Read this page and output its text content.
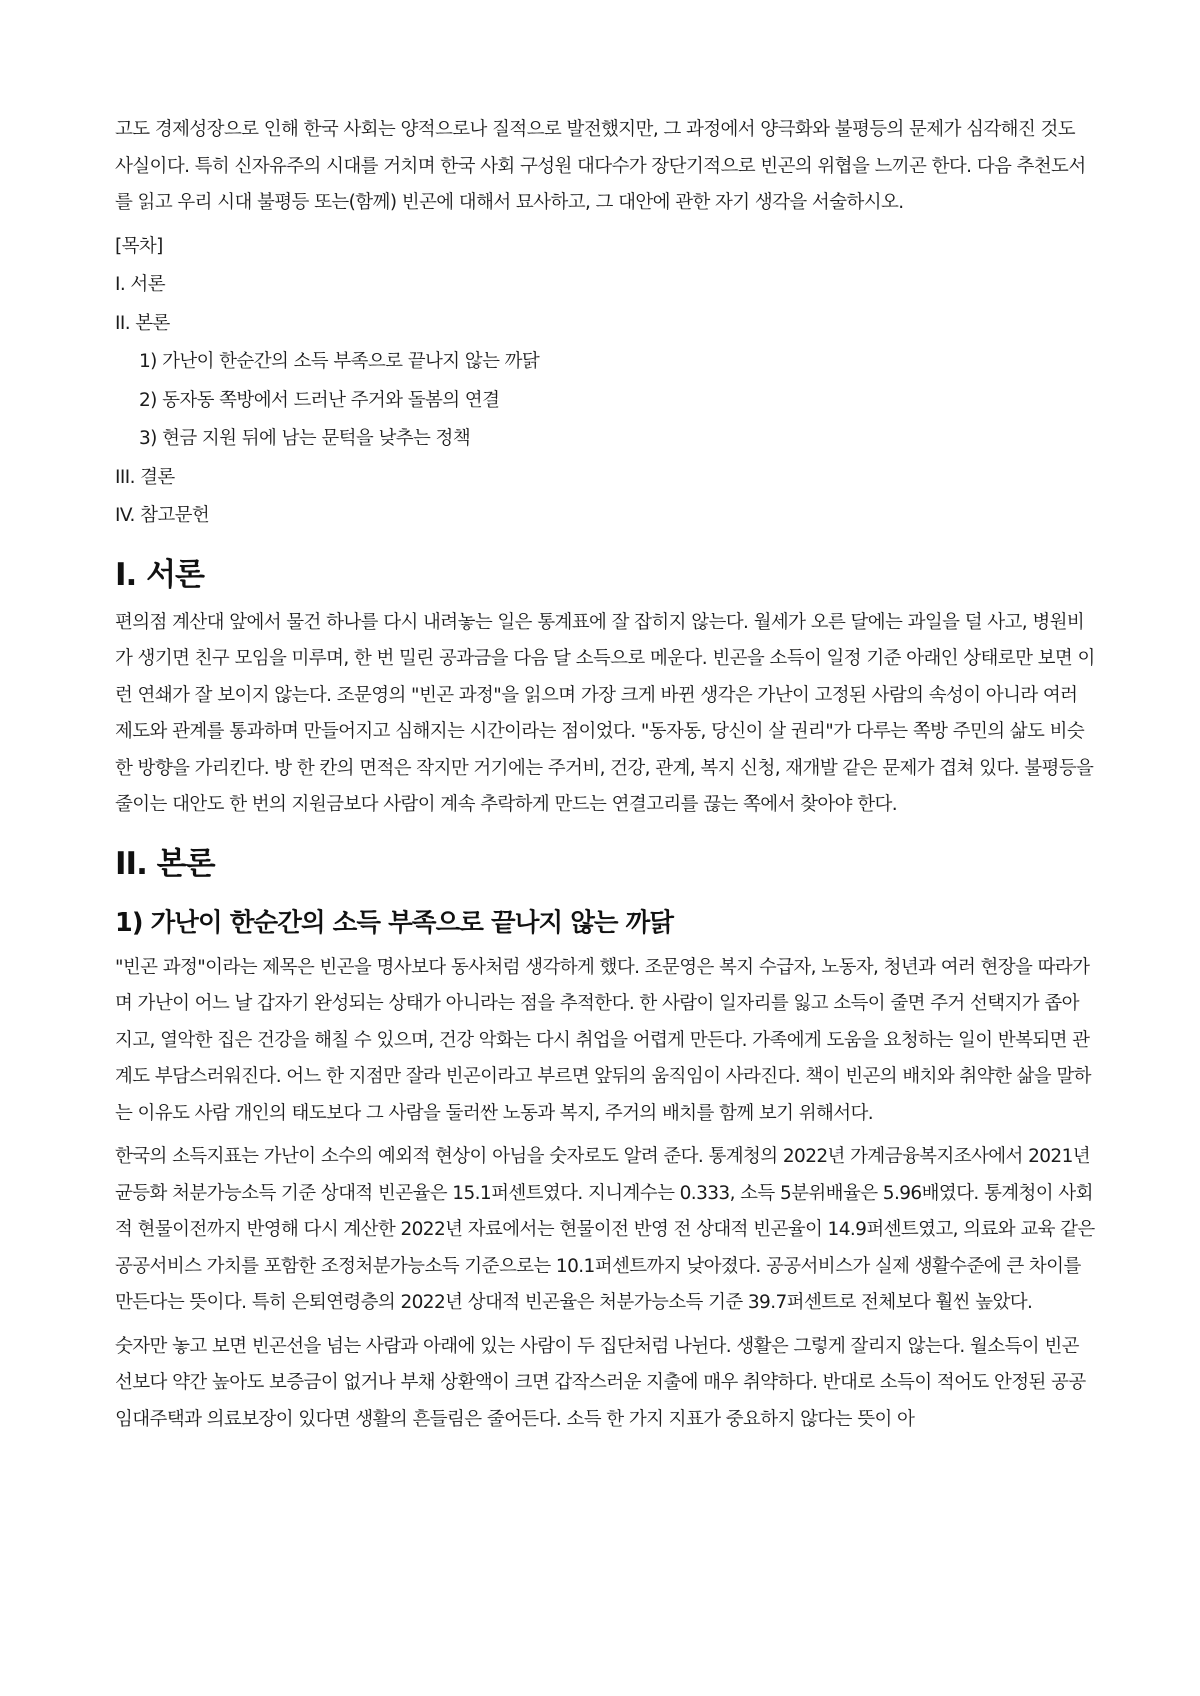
고도 경제성장으로 인해 한국 사회는 양적으로나 질적으로 발전했지만, 그 과정에서 양극화와 불평등의 문제가 심각해진 것도 사실이다. 특히 신자유주의 시대를 거치며 한국 사회 구성원 대다수가 장단기적으로 빈곤의 위협을 느끼곤 한다. 다음 추천도서를 읽고 우리 시대 불평등 또는(함께) 빈곤에 대해서 묘사하고, 그 대안에 관한 자기 생각을 서술하시오.

[목차]

I. 서론

II. 본론

1) 가난이 한순간의 소득 부족으로 끝나지 않는 까닭

2) 동자동 쪽방에서 드러난 주거와 돌봄의 연결

3) 현금 지원 뒤에 남는 문턱을 낮추는 정책

III. 결론

IV. 참고문헌

I. 서론

편의점 계산대 앞에서 물건 하나를 다시 내려놓는 일은 통계표에 잘 잡히지 않는다. 월세가 오른 달에는 과일을 덜 사고, 병원비가 생기면 친구 모임을 미루며, 한 번 밀린 공과금을 다음 달 소득으로 메운다. 빈곤을 소득이 일정 기준 아래인 상태로만 보면 이런 연쇄가 잘 보이지 않는다. 조문영의 "빈곤 과정"을 읽으며 가장 크게 바뀐 생각은 가난이 고정된 사람의 속성이 아니라 여러 제도와 관계를 통과하며 만들어지고 심해지는 시간이라는 점이었다. "동자동, 당신이 살 권리"가 다루는 쪽방 주민의 삶도 비슷한 방향을 가리킨다. 방 한 칸의 면적은 작지만 거기에는 주거비, 건강, 관계, 복지 신청, 재개발 같은 문제가 겹쳐 있다. 불평등을 줄이는 대안도 한 번의 지원금보다 사람이 계속 추락하게 만드는 연결고리를 끊는 쪽에서 찾아야 한다.

II. 본론
1) 가난이 한순간의 소득 부족으로 끝나지 않는 까닭

"빈곤 과정"이라는 제목은 빈곤을 명사보다 동사처럼 생각하게 했다. 조문영은 복지 수급자, 노동자, 청년과 여러 현장을 따라가며 가난이 어느 날 갑자기 완성되는 상태가 아니라는 점을 추적한다. 한 사람이 일자리를 잃고 소득이 줄면 주거 선택지가 좁아지고, 열악한 집은 건강을 해칠 수 있으며, 건강 악화는 다시 취업을 어렵게 만든다. 가족에게 도움을 요청하는 일이 반복되면 관계도 부담스러워진다. 어느 한 지점만 잘라 빈곤이라고 부르면 앞뒤의 움직임이 사라진다. 책이 빈곤의 배치와 취약한 삶을 말하는 이유도 사람 개인의 태도보다 그 사람을 둘러싼 노동과 복지, 주거의 배치를 함께 보기 위해서다.

한국의 소득지표는 가난이 소수의 예외적 현상이 아님을 숫자로도 알려 준다. 통계청의 2022년 가계금융복지조사에서 2021년 균등화 처분가능소득 기준 상대적 빈곤율은 15.1퍼센트였다. 지니계수는 0.333, 소득 5분위배율은 5.96배였다. 통계청이 사회적 현물이전까지 반영해 다시 계산한 2022년 자료에서는 현물이전 반영 전 상대적 빈곤율이 14.9퍼센트였고, 의료와 교육 같은 공공서비스 가치를 포함한 조정처분가능소득 기준으로는 10.1퍼센트까지 낮아졌다. 공공서비스가 실제 생활수준에 큰 차이를 만든다는 뜻이다. 특히 은퇴연령층의 2022년 상대적 빈곤율은 처분가능소득 기준 39.7퍼센트로 전체보다 훨씬 높았다.

숫자만 놓고 보면 빈곤선을 넘는 사람과 아래에 있는 사람이 두 집단처럼 나뉜다. 생활은 그렇게 잘리지 않는다. 월소득이 빈곤선보다 약간 높아도 보증금이 없거나 부채 상환액이 크면 갑작스러운 지출에 매우 취약하다. 반대로 소득이 적어도 안정된 공공임대주택과 의료보장이 있다면 생활의 흔들림은 줄어든다. 소득 한 가지 지표가 중요하지 않다는 뜻이 아
